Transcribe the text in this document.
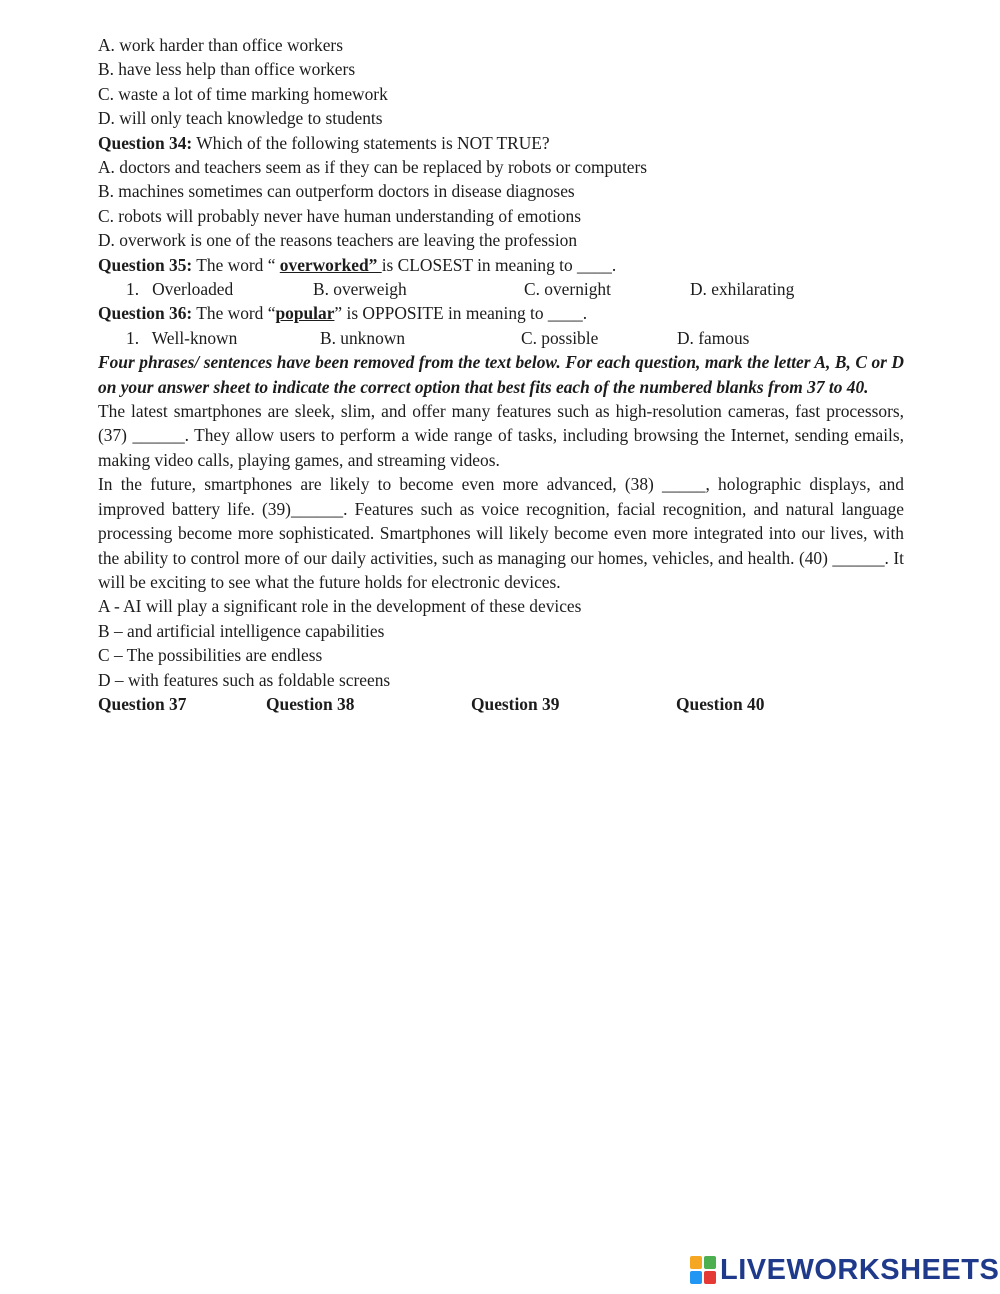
A. work harder than office workers
B. have less help than office workers
C. waste a lot of time marking homework
D. will only teach knowledge to students
Question 34: Which of the following statements is NOT TRUE?
A. doctors and teachers seem as if they can be replaced by robots or computers
B. machines sometimes can outperform doctors in disease diagnoses
C. robots will probably never have human understanding of emotions
D. overwork is one of the reasons teachers are leaving the profession
Question 35: The word “ overworked” is CLOSEST in meaning to ____.
1.   Overloaded	B. overweigh	C. overnight	D. exhilarating
Question 36: The word “popular” is OPPOSITE in meaning to ____.
1.   Well-known	B. unknown	C. possible	D. famous
Four phrases/ sentences have been removed from the text below. For each question, mark the letter A, B, C or D on your answer sheet to indicate the correct option that best fits each of the numbered blanks from 37 to 40.
The latest smartphones are sleek, slim, and offer many features such as high-resolution cameras, fast processors, (37) ______. They allow users to perform a wide range of tasks, including browsing the Internet, sending emails, making video calls, playing games, and streaming videos.
In the future, smartphones are likely to become even more advanced, (38) _____, holographic displays, and improved battery life. (39)______. Features such as voice recognition, facial recognition, and natural language processing become more sophisticated. Smartphones will likely become even more integrated into our lives, with the ability to control more of our daily activities, such as managing our homes, vehicles, and health. (40) ______. It will be exciting to see what the future holds for electronic devices.
A - AI will play a significant role in the development of these devices
B – and artificial intelligence capabilities
C – The possibilities are endless
D – with features such as foldable screens
Question 37	Question 38	Question 39	Question 40
LIVEWORKSHEETS
